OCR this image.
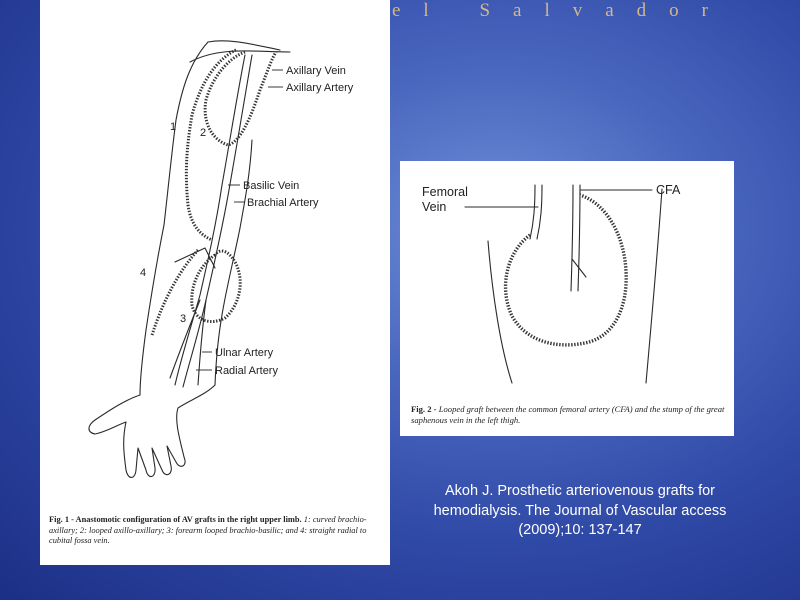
el Salvador

1 2
3
4
Axillary Vein
Axillary Artery
Basilic Vein
Brachial Artery
Ulnar Artery
Radial Artery

Fig. 1 - Anastomotic configuration of AV grafts in the right upper limb. 1: curved brachio-axillary; 2: looped axillo-axillary; 3: forearm looped brachio-basilic; and 4: straight radial to cubital fossa vein.

Femoral Vein
CFA

Fig. 2 - Looped graft between the common femoral artery (CFA) and the stump of the great saphenous vein in the left thigh.

Akoh J. Prosthetic arteriovenous grafts for hemodialysis. The Journal of Vascular access (2009);10: 137-147
